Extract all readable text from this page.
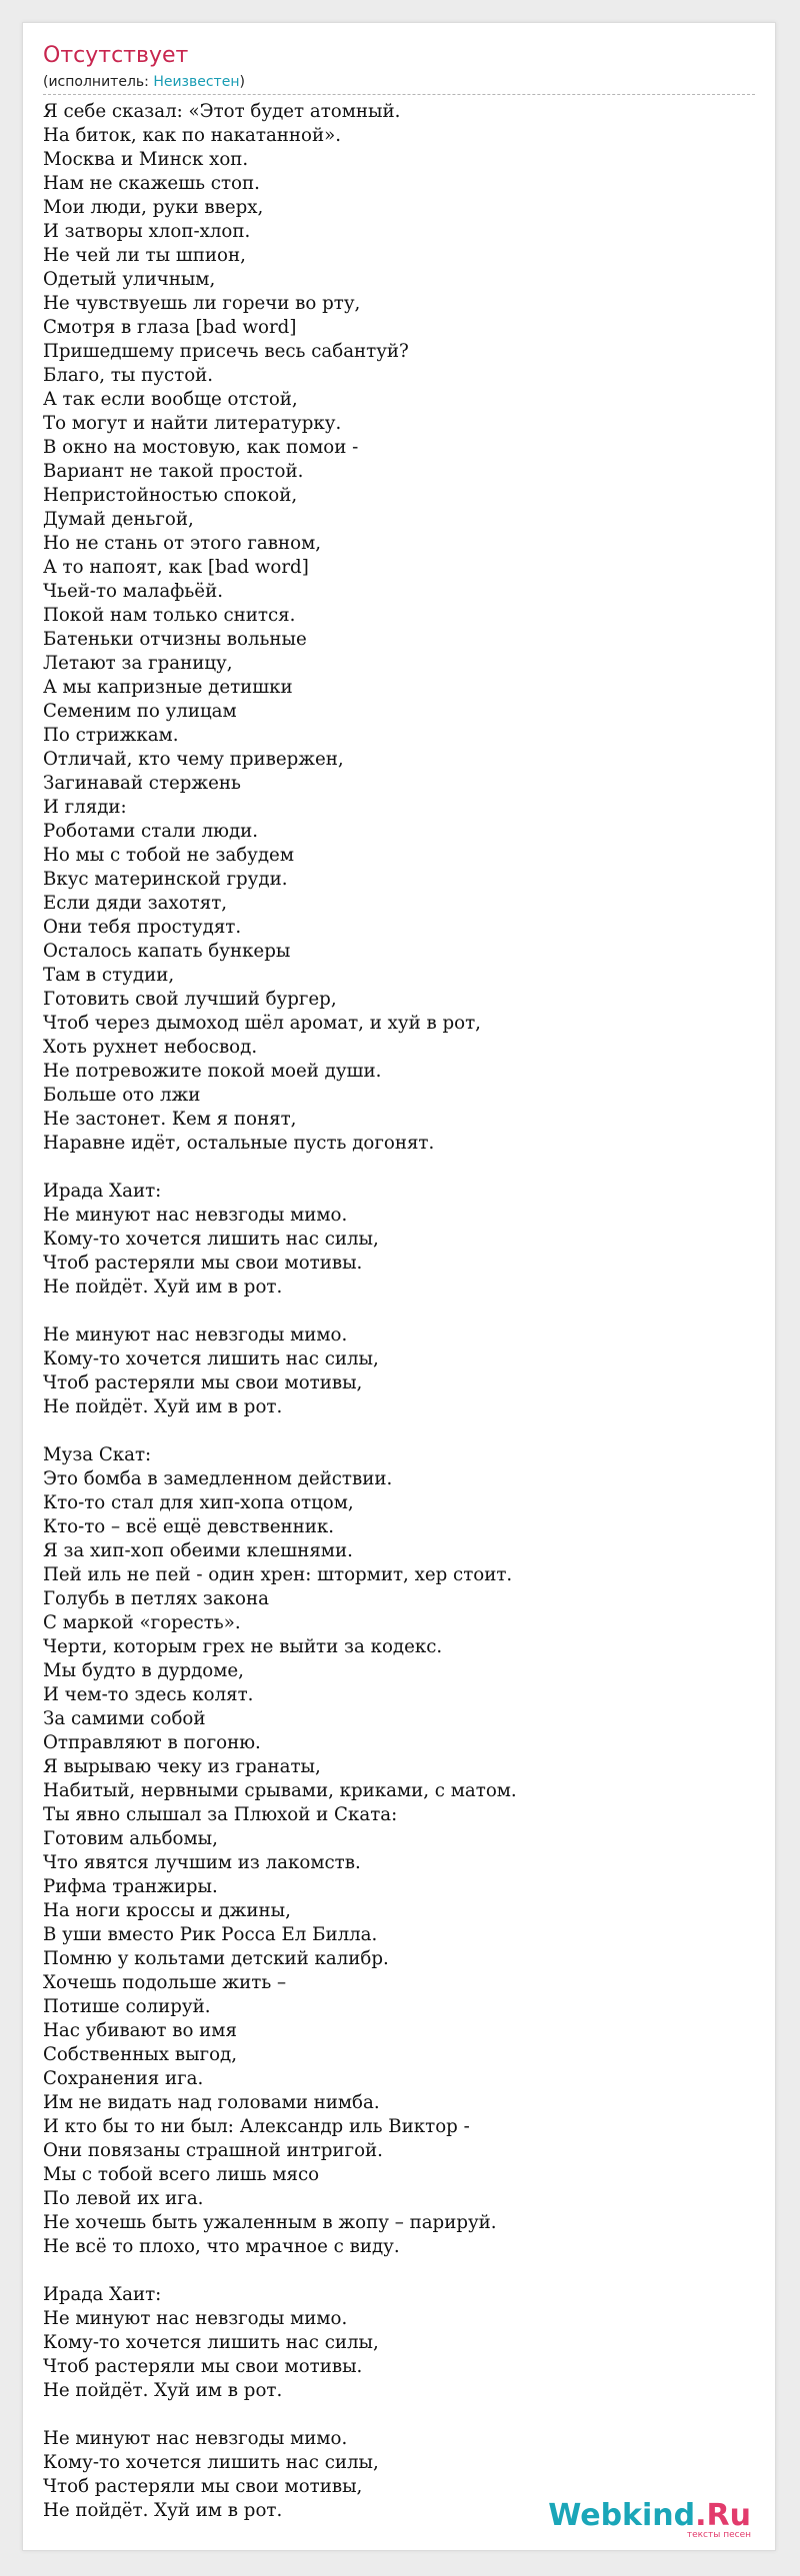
Отсутствует
(исполнитель: Неизвестен)
Я себе сказал: «Этот будет атомный.
На биток, как по накатанной».
Москва и Минск хоп.
Нам не скажешь стоп.
Мои люди, руки вверх,
И затворы хлоп-хлоп.
Не чей ли ты шпион,
Одетый уличным,
Не чувствуешь ли горечи во рту,
Смотря в глаза [bad word]
Пришедшему присечь весь сабантуй?
Благо, ты пустой.
А так если вообще отстой,
То могут и найти литературку.
В окно на мостовую, как помои -
Вариант не такой простой.
Непристойностью спокой,
Думай деньгой,
Но не стань от этого гавном,
А то напоят, как [bad word]
Чьей-то малафьёй.
Покой нам только снится.
Батеньки отчизны вольные
Летают за границу,
А мы капризные детишки
Семеним по улицам
По стрижкам.
Отличай, кто чему привержен,
Загинавай стержень
И гляди:
Роботами стали люди.
Но мы с тобой не забудем
Вкус материнской груди.
Если дяди захотят,
Они тебя простудят.
Осталось капать бункеры
Там в студии,
Готовить свой лучший бургер,
Чтоб через дымоход шёл аромат, и хуй в рот,
Хоть рухнет небосвод.
Не потревожите покой моей души.
Больше ото лжи
Не застонет. Кем я понят,
Наравне идёт, остальные пусть догонят.

Ирада Хаит:
Не минуют нас невзгоды мимо.
Кому-то хочется лишить нас силы,
Чтоб растеряли мы свои мотивы.
Не пойдёт. Хуй им в рот.

Не минуют нас невзгоды мимо.
Кому-то хочется лишить нас силы,
Чтоб растеряли мы свои мотивы,
Не пойдёт. Хуй им в рот.

Муза Скат:
Это бомба в замедленном действии.
Кто-то стал для хип-хопа отцом,
Кто-то – всё ещё девственник.
Я за хип-хоп обеими клешнями.
Пей иль не пей - один хрен: штормит, хер стоит.
Голубь в петлях закона
С маркой «горесть».
Черти, которым грех не выйти за кодекс.
Мы будто в дурдоме,
И чем-то здесь колят.
За самими собой
Отправляют в погоню.
Я вырываю чеку из гранаты,
Набитый, нервными срывами, криками, с матом.
Ты явно слышал за Плюхой и Ската:
Готовим альбомы,
Что явятся лучшим из лакомств.
Рифма транжиры.
На ноги кроссы и джины,
В уши вместо Рик Росса Ел Билла.
Помню у кольтами детский калибр.
Хочешь подольше жить –
Потише солируй.
Нас убивают во имя
Собственных выгод,
Сохранения ига.
Им не видать над головами нимба.
И кто бы то ни был: Александр иль Виктор -
Они повязаны страшной интригой.
Мы с тобой всего лишь мясо
По левой их ига.
Не хочешь быть ужаленным в жопу – парируй.
Не всё то плохо, что мрачное с виду.

Ирада Хаит:
Не минуют нас невзгоды мимо.
Кому-то хочется лишить нас силы,
Чтоб растеряли мы свои мотивы.
Не пойдёт. Хуй им в рот.

Не минуют нас невзгоды мимо.
Кому-то хочется лишить нас силы,
Чтоб растеряли мы свои мотивы,
Не пойдёт. Хуй им в рот.	Webkind.Ru
тексты песен
